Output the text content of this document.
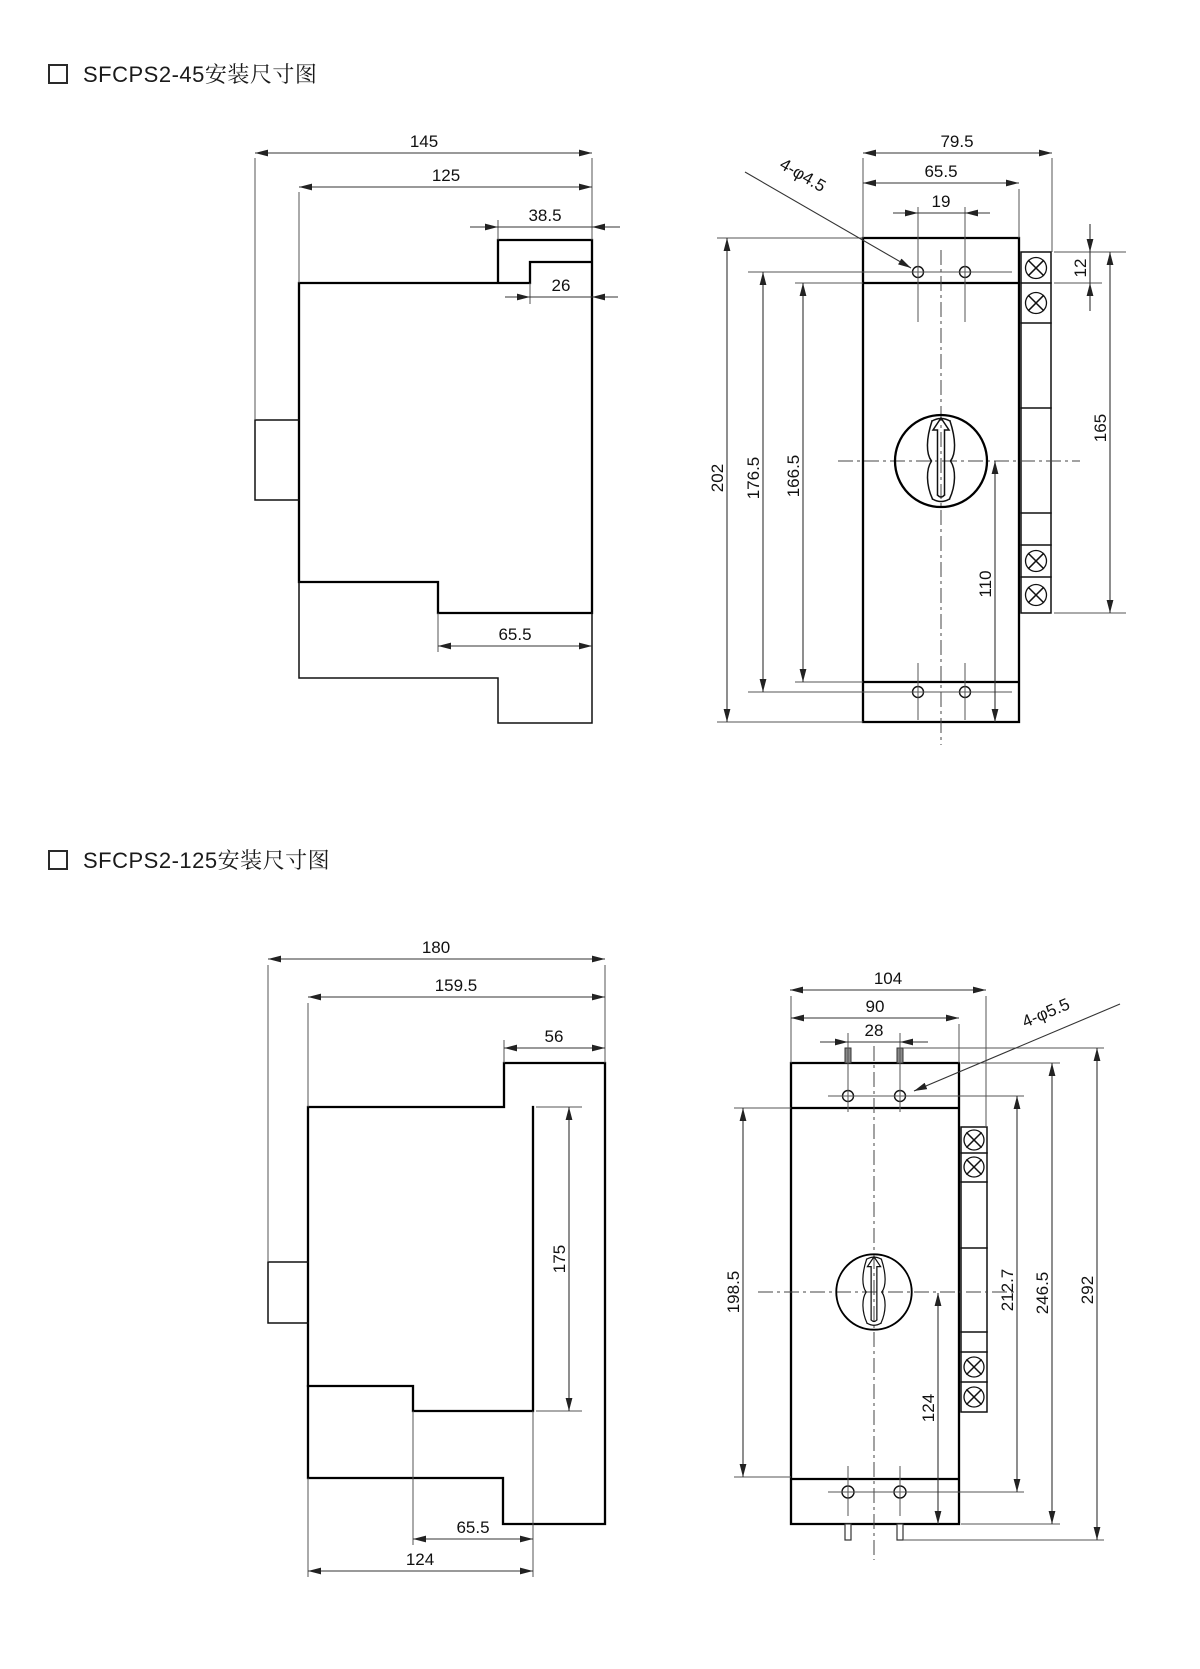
SFCPS2-45安装尺寸图
SFCPS2-125安装尺寸图
145
125
38.5
26
65.5
79.5
65.5
19
4-φ4.5
202 176.5 166.5
110
12
165
180
159.5
56
175
65.5
124
104
90
28	4-φ5.5
198.5
124
212.7 246.5 292
